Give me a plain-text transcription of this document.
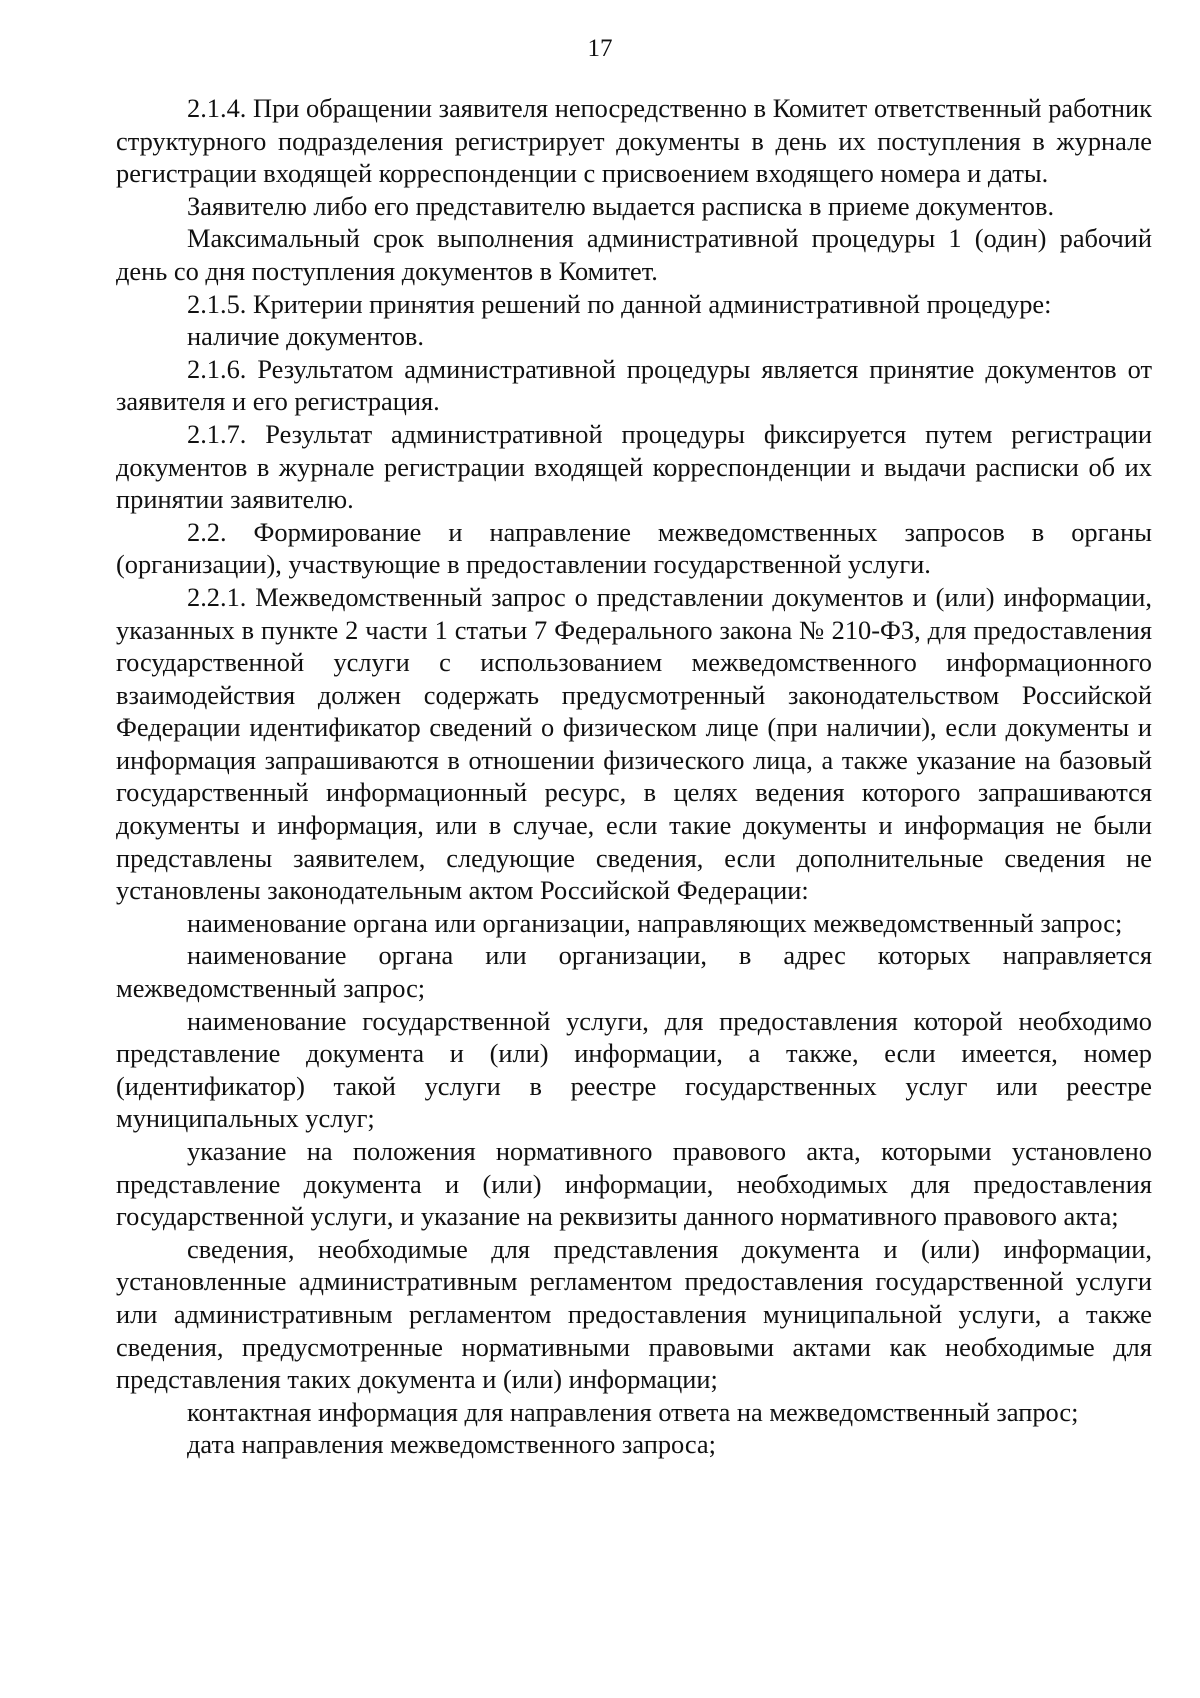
17

2.1.4. При обращении заявителя непосредственно в Комитет ответственный работник структурного подразделения регистрирует документы в день их поступления в журнале регистрации входящей корреспонденции с присвоением входящего номера и даты.

Заявителю либо его представителю выдается расписка в приеме документов.

Максимальный срок выполнения административной процедуры 1 (один) рабочий день со дня поступления документов в Комитет.

2.1.5. Критерии принятия решений по данной административной процедуре:

наличие документов.

2.1.6. Результатом административной процедуры является принятие документов от заявителя и его регистрация.

2.1.7. Результат административной процедуры фиксируется путем регистрации документов в журнале регистрации входящей корреспонденции и выдачи расписки об их принятии заявителю.

2.2. Формирование и направление межведомственных запросов в органы (организации), участвующие в предоставлении государственной услуги.

2.2.1. Межведомственный запрос о представлении документов и (или) информации, указанных в пункте 2 части 1 статьи 7 Федерального закона № 210-ФЗ, для предоставления государственной услуги с использованием межведомственного информационного взаимодействия должен содержать предусмотренный законодательством Российской Федерации идентификатор сведений о физическом лице (при наличии), если документы и информация запрашиваются в отношении физического лица, а также указание на базовый государственный информационный ресурс, в целях ведения которого запрашиваются документы и информация, или в случае, если такие документы и информация не были представлены заявителем, следующие сведения, если дополнительные сведения не установлены законодательным актом Российской Федерации:

наименование органа или организации, направляющих межведомственный запрос;

наименование органа или организации, в адрес которых направляется межведомственный запрос;

наименование государственной услуги, для предоставления которой необходимо представление документа и (или) информации, а также, если имеется, номер (идентификатор) такой услуги в реестре государственных услуг или реестре муниципальных услуг;

указание на положения нормативного правового акта, которыми установлено представление документа и (или) информации, необходимых для предоставления государственной услуги, и указание на реквизиты данного нормативного правового акта;

сведения, необходимые для представления документа и (или) информации, установленные административным регламентом предоставления государственной услуги или административным регламентом предоставления муниципальной услуги, а также сведения, предусмотренные нормативными правовыми актами как необходимые для представления таких документа и (или) информации;

контактная информация для направления ответа на межведомственный запрос;

дата направления межведомственного запроса;
